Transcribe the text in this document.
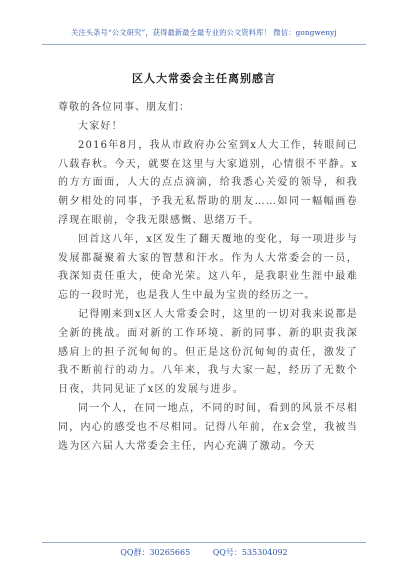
关注头条号“公文研究”，获得最新最全最专业的公文资料库！ 微信：gongwenyj
区人大常委会主任离别感言
尊敬的各位同事、朋友们：

大家好！

2016年8月，我从市政府办公室到x人大工作，转眼间已八载春秋。今天，就要在这里与大家道别，心情很不平静。x的方方面面，人大的点点滴滴，给我悉心关爱的领导，和我朝夕相处的同事，予我无私帮助的朋友……如同一幅幅画卷浮现在眼前，令我无限感慨、思绪万千。

回首这八年，x区发生了翻天覆地的变化，每一项进步与发展都凝聚着大家的智慧和汗水。作为人大常委会的一员，我深知责任重大，使命光荣。这八年，是我职业生涯中最难忘的一段时光，也是我人生中最为宝贵的经历之一。

记得刚来到x区人大常委会时，这里的一切对我来说都是全新的挑战。面对新的工作环境、新的同事、新的职责我深感肩上的担子沉甸甸的。但正是这份沉甸甸的责任，激发了我不断前行的动力。八年来，我与大家一起，经历了无数个日夜，共同见证了x区的发展与进步。

同一个人，在同一地点，不同的时间，看到的风景不尽相同，内心的感受也不尽相同。记得八年前，在x会堂，我被当选为区六届人大常委会主任，内心充满了激动。今天

QQ群：30265665	QQ号：535304092
